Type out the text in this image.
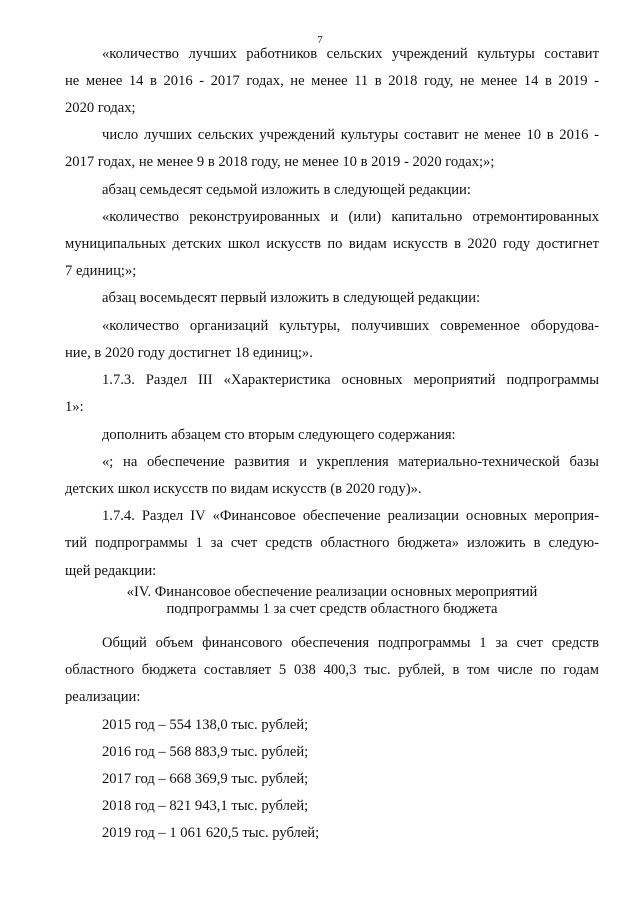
7
«количество лучших работников сельских учреждений культуры составит
не менее 14 в 2016 - 2017 годах, не менее 11 в 2018 году, не менее 14 в 2019 -
2020 годах;
число лучших сельских учреждений культуры составит не менее 10 в 2016 -
2017 годах, не менее 9 в 2018 году, не менее 10 в 2019 - 2020 годах;»;
абзац семьдесят седьмой изложить в следующей редакции:
«количество реконструированных и (или) капитально отремонтированных
муниципальных детских школ искусств по видам искусств в 2020 году достигнет
7 единиц;»;
абзац восемьдесят первый изложить в следующей редакции:
«количество организаций культуры, получивших современное оборудова-
ние, в 2020 году достигнет 18 единиц;».
1.7.3. Раздел III «Характеристика основных мероприятий подпрограммы
1»:
дополнить абзацем сто вторым следующего содержания:
«; на обеспечение развития и укрепления материально-технической базы
детских школ искусств по видам искусств (в 2020 году)».
1.7.4. Раздел IV «Финансовое обеспечение реализации основных мероприя-
тий подпрограммы 1 за счет средств областного бюджета» изложить в следую-
щей редакции:
«IV. Финансовое обеспечение реализации основных мероприятий
подпрограммы 1 за счет средств областного бюджета
Общий объем финансового обеспечения подпрограммы 1 за счет средств
областного бюджета составляет 5 038 400,3 тыс. рублей, в том числе по годам
реализации:
2015 год – 554 138,0 тыс. рублей;
2016 год – 568 883,9 тыс. рублей;
2017 год – 668 369,9 тыс. рублей;
2018 год – 821 943,1 тыс. рублей;
2019 год – 1 061 620,5 тыс. рублей;
